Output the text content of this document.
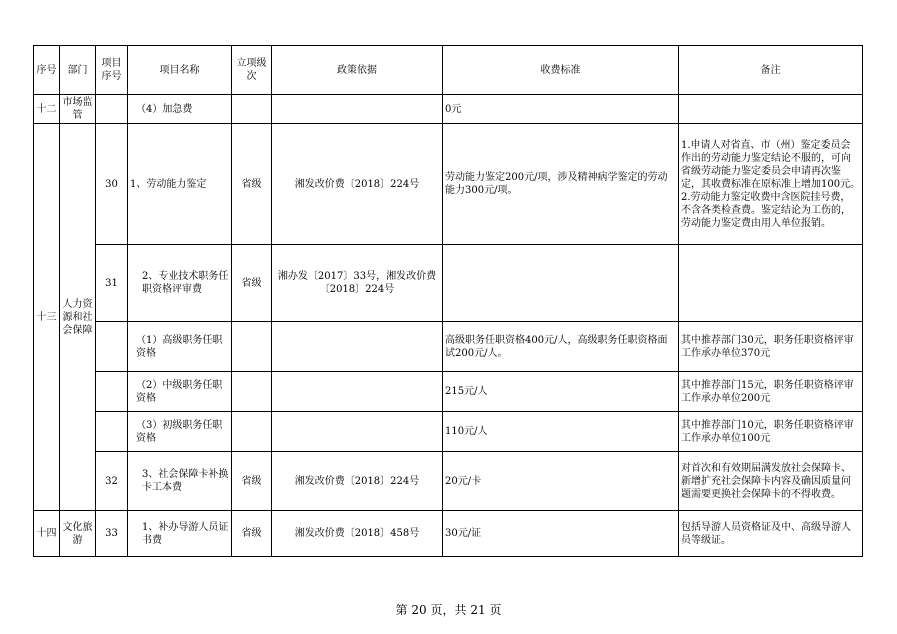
序号	部门	项目序号	项目名称	立项级次	政策依据	收费标准	备注
十二	市场监管		（4）加急费			0元	
十三	人力资源和社会保障	30	1、劳动能力鉴定	省级	湘发改价费〔2018〕224号	劳动能力鉴定200元/项，涉及精神病学鉴定的劳动能力300元/项。	1.申请人对省直、市（州）鉴定委员会作出的劳动能力鉴定结论不服的，可向省级劳动能力鉴定委员会申请再次鉴定，其收费标准在原标准上增加100元。　2.劳动能力鉴定收费中含医院挂号费，不含各类检查费。鉴定结论为工伤的，劳动能力鉴定费由用人单位报销。
		31	2、专业技术职务任职资格评审费	省级	湘办发〔2017〕33号，湘发改价费〔2018〕224号		
			（1）高级职务任职资格			高级职务任职资格400元/人，高级职务任职资格面试200元/人。	其中推荐部门30元，职务任职资格评审工作承办单位370元
			（2）中级职务任职资格			215元/人	其中推荐部门15元，职务任职资格评审工作承办单位200元
			（3）初级职务任职资格			110元/人	其中推荐部门10元，职务任职资格评审工作承办单位100元
		32	3、社会保障卡补换卡工本费	省级	湘发改价费〔2018〕224号	20元/卡	对首次和有效期届满发放社会保障卡、新增扩充社会保障卡内容及确因质量问题需要更换社会保障卡的不得收费。
十四	文化旅游	33	1、补办导游人员证书费	省级	湘发改价费〔2018〕458号	30元/证	包括导游人员资格证及中、高级导游人员等级证。
第 20 页，共 21 页
